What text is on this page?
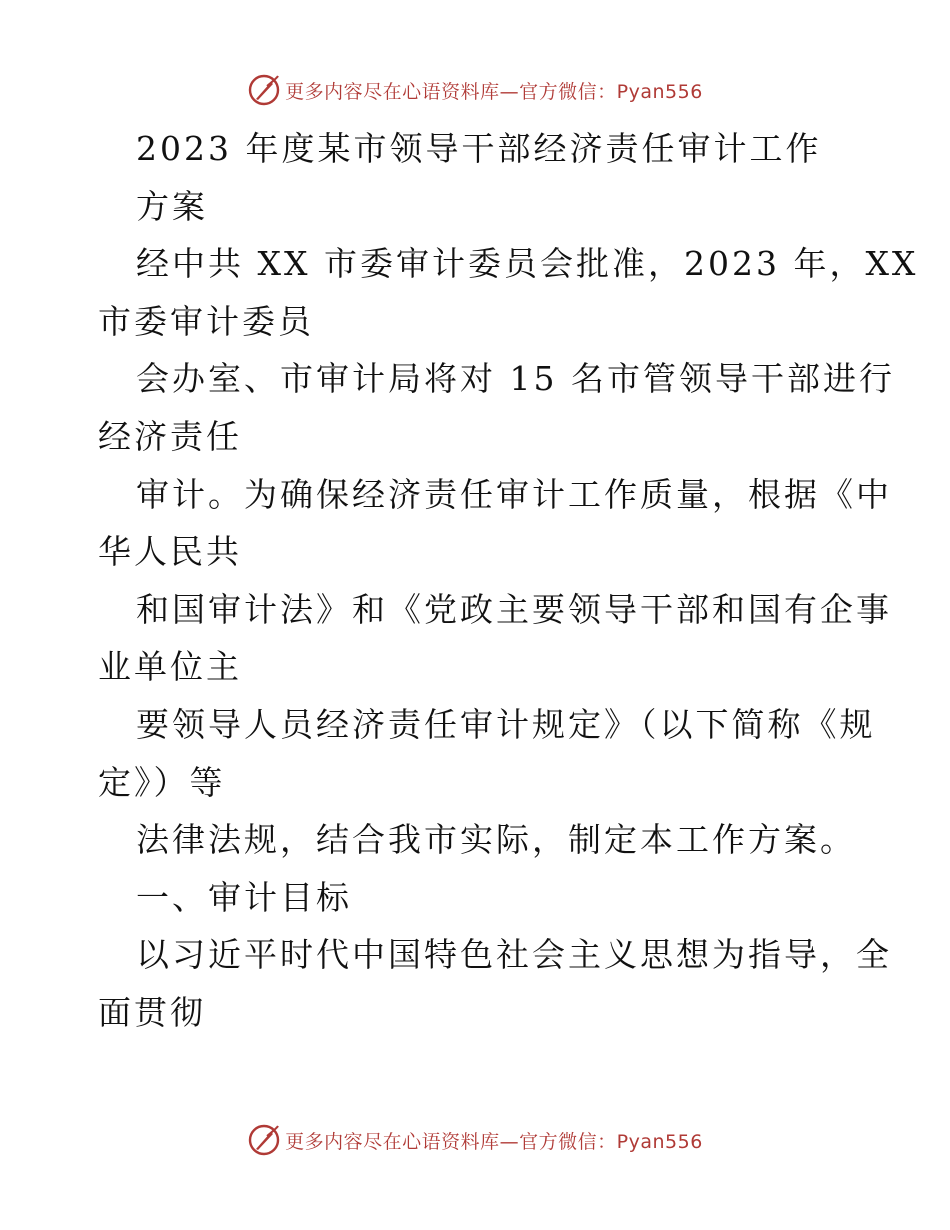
更多内容尽在心语资料库—官方微信：Pyan556
2023 年度某市领导干部经济责任审计工作
方案
经中共 XX 市委审计委员会批准，2023 年，XX
市委审计委员
会办室、市审计局将对 15 名市管领导干部进行
经济责任
审计。为确保经济责任审计工作质量，根据《中
华人民共
和国审计法》和《党政主要领导干部和国有企事
业单位主
要领导人员经济责任审计规定》（以下简称《规
定》）等
法律法规，结合我市实际，制定本工作方案。
一、审计目标
以习近平时代中国特色社会主义思想为指导，全
面贯彻
更多内容尽在心语资料库—官方微信：Pyan556
